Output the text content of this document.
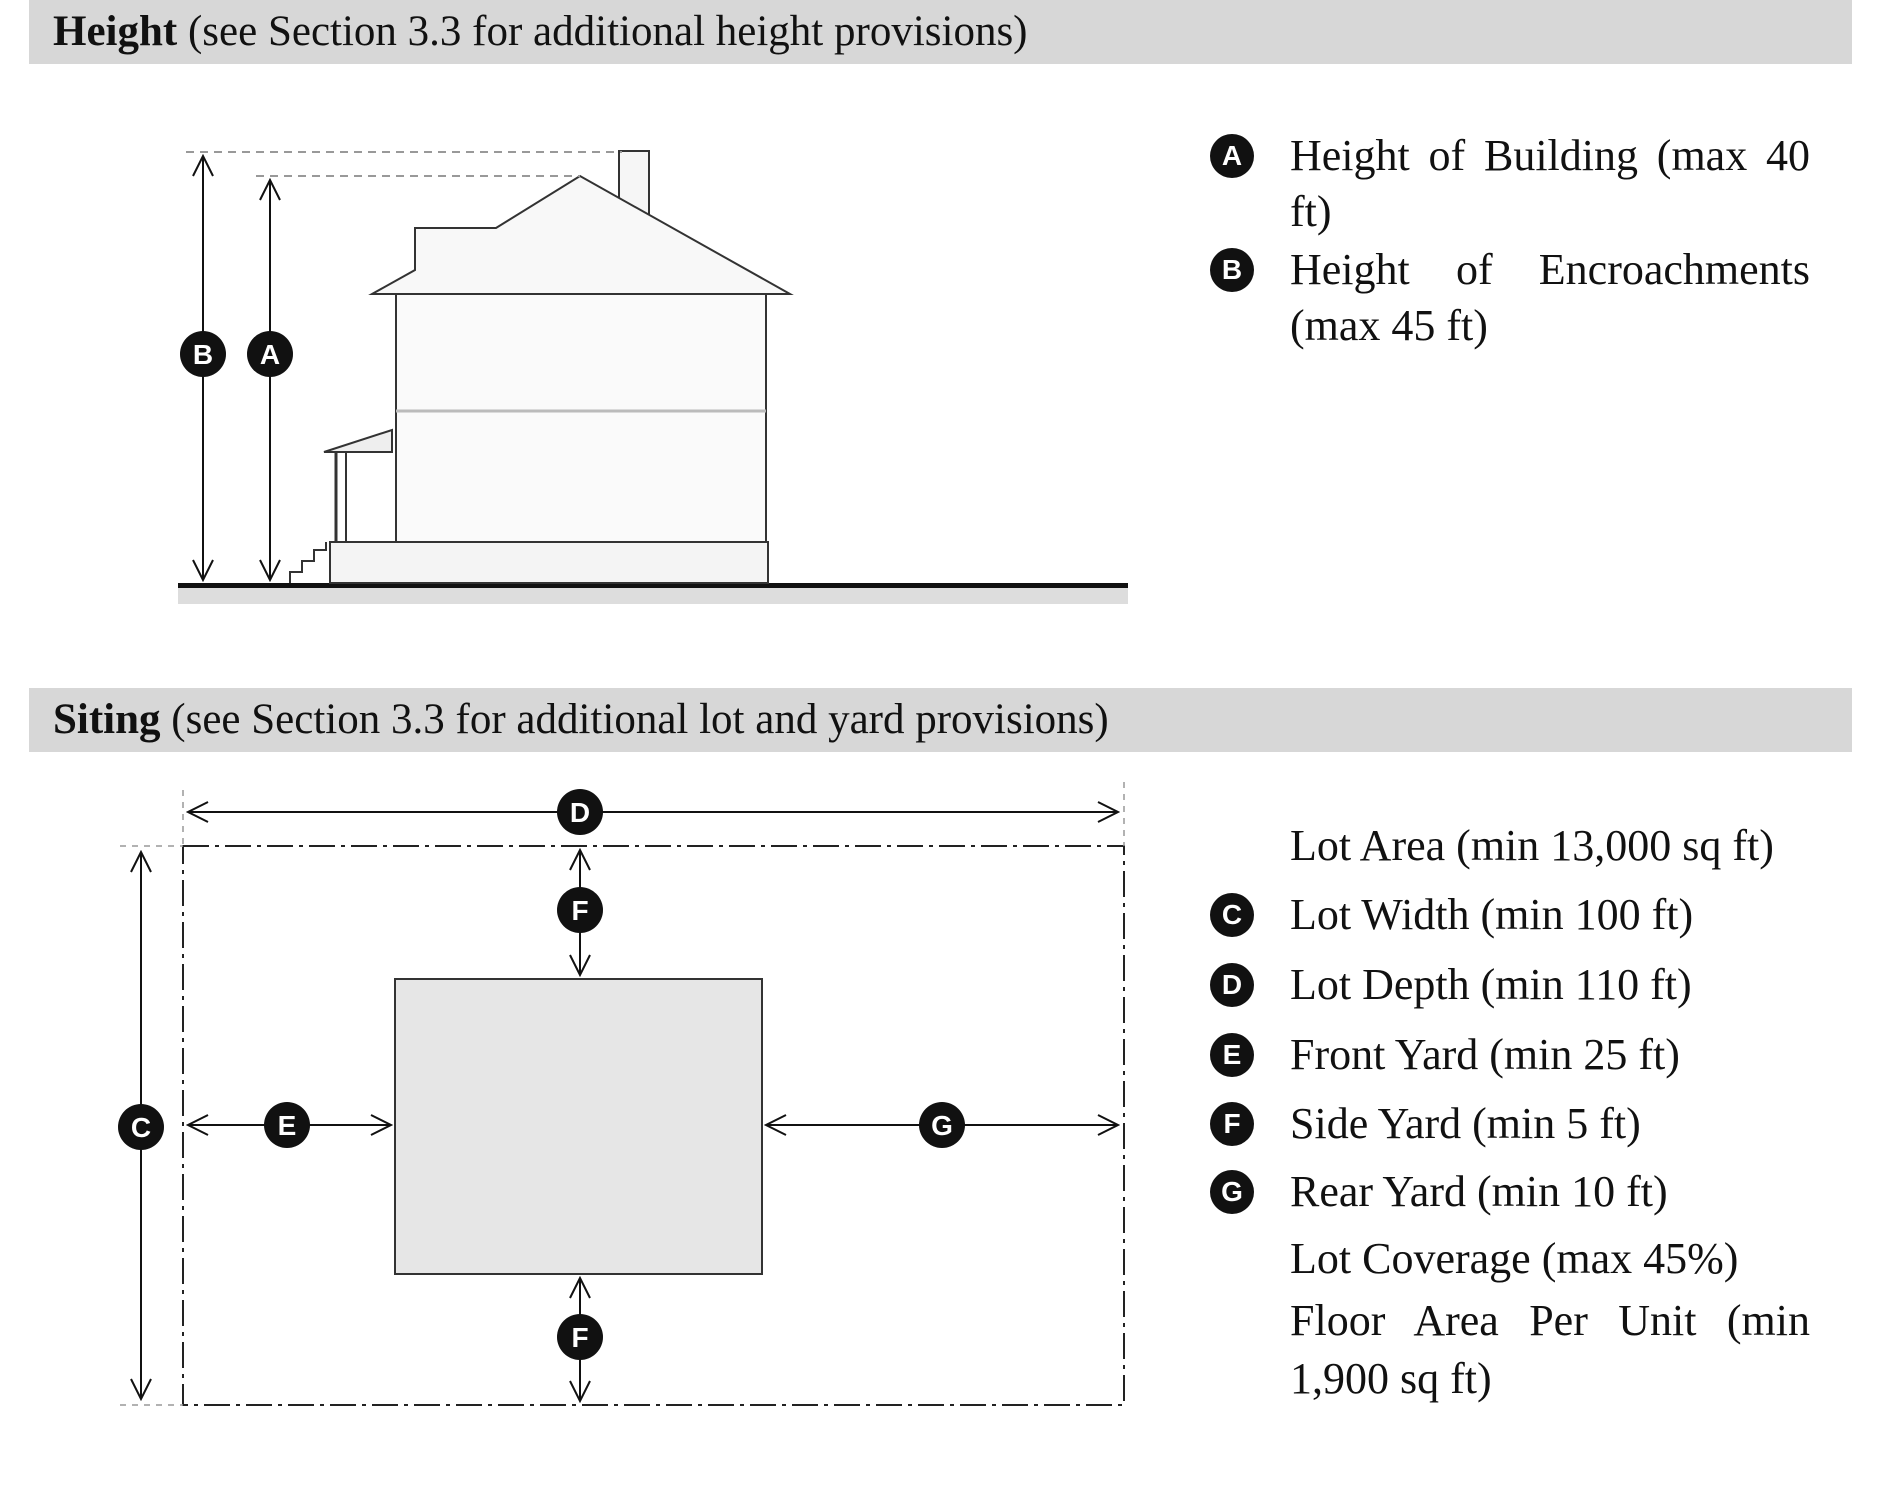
Height (see Section 3.3 for additional height provisions)
Siting (see Section 3.3 for additional lot and yard provisions)
B A
D
C	E	G
F
F
A Height of Building (max 40 ft)
B Height of Encroachments (max 45 ft)
Lot Area (min 13,000 sq ft)
C Lot Width (min 100 ft)
D Lot Depth (min 110 ft)
E Front Yard (min 25 ft)
F	Side Yard (min 5 ft)
G Rear Yard (min 10 ft)
Lot Coverage (max 45%)
Floor Area Per Unit (min 1,900 sq ft)
